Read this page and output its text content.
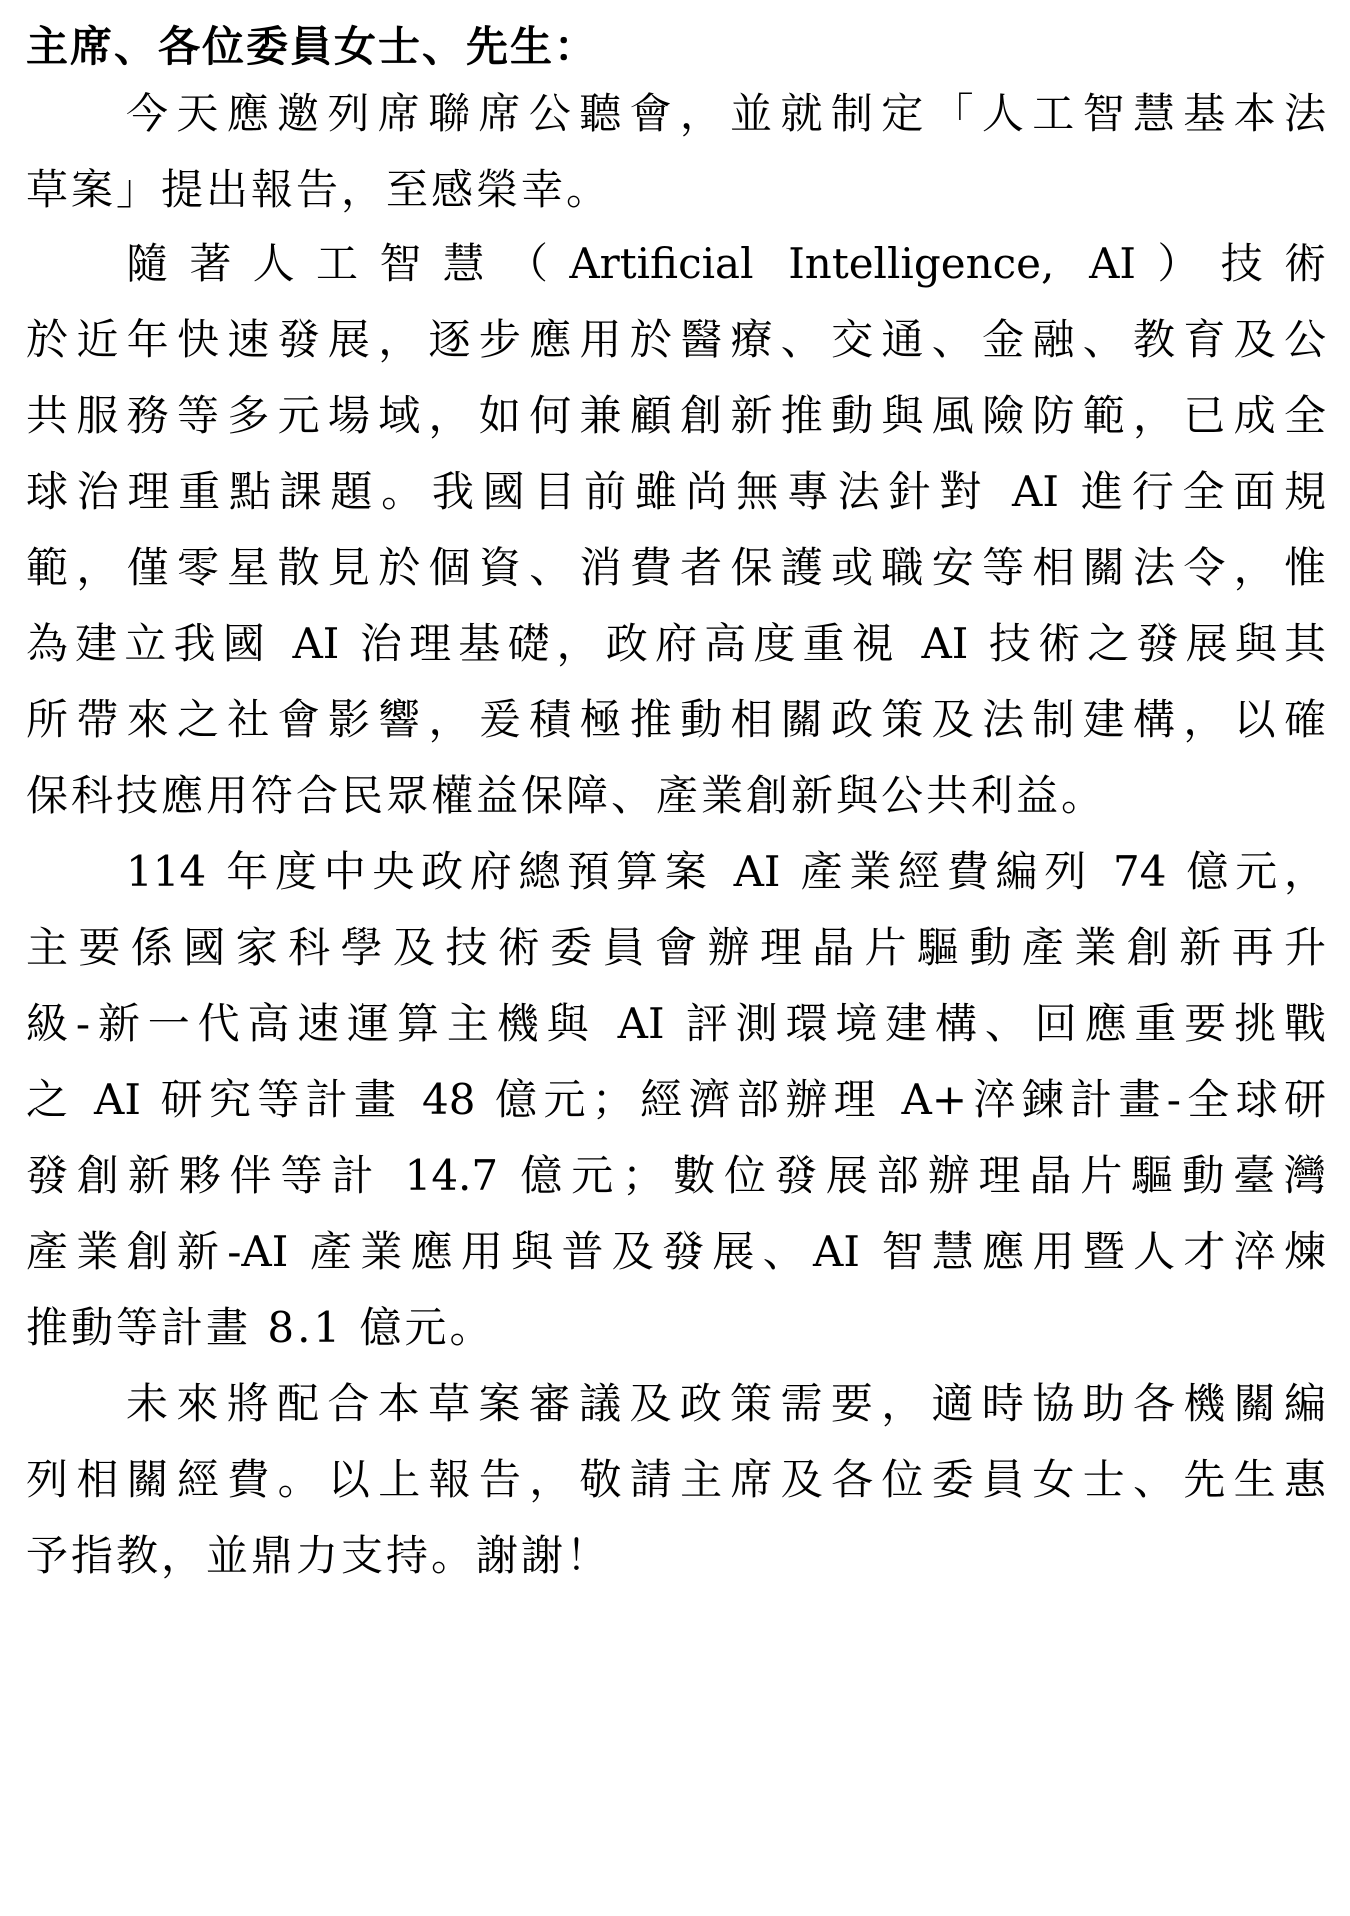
主席、各位委員女士、先生：
今天應邀列席聯席公聽會，並就制定「人工智慧基本法
草案」提出報告，至感榮幸。
隨著人工智慧（Artificial Intelligence, AI）技術
於近年快速發展，逐步應用於醫療、交通、金融、教育及公
共服務等多元場域，如何兼顧創新推動與風險防範，已成全
球治理重點課題。我國目前雖尚無專法針對 AI 進行全面規
範，僅零星散見於個資、消費者保護或職安等相關法令，惟
為建立我國 AI 治理基礎，政府高度重視 AI 技術之發展與其
所帶來之社會影響，爰積極推動相關政策及法制建構，以確
保科技應用符合民眾權益保障、產業創新與公共利益。
114 年度中央政府總預算案 AI 產業經費編列 74 億元，
主要係國家科學及技術委員會辦理晶片驅動產業創新再升
級-新一代高速運算主機與 AI 評測環境建構、回應重要挑戰
之 AI 研究等計畫 48 億元；經濟部辦理 A+淬鍊計畫-全球研
發創新夥伴等計 14.7 億元；數位發展部辦理晶片驅動臺灣
產業創新-AI 產業應用與普及發展、AI 智慧應用暨人才淬煉
推動等計畫 8.1 億元。
未來將配合本草案審議及政策需要，適時協助各機關編
列相關經費。以上報告，敬請主席及各位委員女士、先生惠
予指教，並鼎力支持。謝謝！
